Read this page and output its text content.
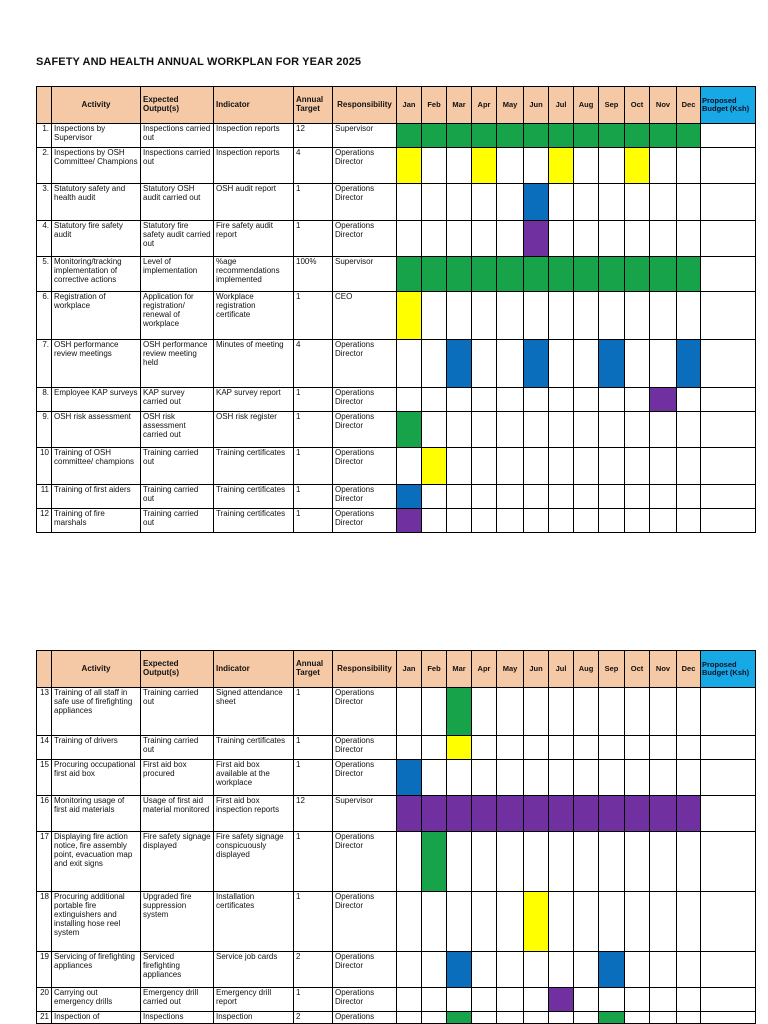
SAFETY AND HEALTH ANNUAL WORKPLAN FOR YEAR 2025
	Activity	Expected Output(s)	Indicator	Annual Target	Responsibility	Jan	Feb	Mar	Apr	May	Jun	Jul	Aug	Sep	Oct	Nov	Dec	Proposed Budget (Ksh)
1.	Inspections by Supervisor	Inspections carried out	Inspection reports	12	Supervisor													
2.	Inspections by OSH Committee/ Champions	Inspections carried out	Inspection reports	4	Operations Director													
3.	Statutory safety and health audit	Statutory OSH audit carried out	OSH audit report	1	Operations Director													
4.	Statutory fire safety audit	Statutory fire safety audit carried out	Fire safety audit report	1	Operations Director													
5.	Monitoring/tracking implementation of corrective actions	Level of implementation	%age recommendations implemented	100%	Supervisor													
6.	Registration of workplace	Application for registration/ renewal of workplace	Workplace registration certificate	1	CEO													
7.	OSH performance review meetings	OSH performance review meeting held	Minutes of meeting	4	Operations Director													
8.	Employee KAP surveys	KAP survey carried out	KAP survey report	1	Operations Director													
9.	OSH risk assessment	OSH risk assessment carried out	OSH risk register	1	Operations Director													
10	Training of OSH committee/ champions	Training carried out	Training certificates	1	Operations Director													
11	Training of first aiders	Training carried out	Training certificates	1	Operations Director													
12	Training of fire marshals	Training carried out	Training certificates	1	Operations Director													
	Activity	Expected Output(s)	Indicator	Annual Target	Responsibility	Jan	Feb	Mar	Apr	May	Jun	Jul	Aug	Sep	Oct	Nov	Dec	Proposed Budget (Ksh)
13	Training of all staff in safe use of firefighting appliances	Training carried out	Signed attendance sheet	1	Operations Director													
14	Training of drivers	Training carried out	Training certificates	1	Operations Director													
15	Procuring occupational first aid box	First aid box procured	First aid box available at the workplace	1	Operations Director													
16	Monitoring usage of first aid materials	Usage of first aid material monitored	First aid box inspection reports	12	Supervisor													
17	Displaying fire action notice, fire assembly point, evacuation map and exit signs	Fire safety signage displayed	Fire safety signage conspicuously displayed	1	Operations Director													
18	Procuring additional portable fire extinguishers and installing hose reel system	Upgraded fire suppression system	Installation certificates	1	Operations Director													
19	Servicing of firefighting appliances	Serviced firefighting appliances	Service job cards	2	Operations Director													
20	Carrying out emergency drills	Emergency drill carried out	Emergency drill report	1	Operations Director													
21	Inspection of	Inspections	Inspection	2	Operations													
